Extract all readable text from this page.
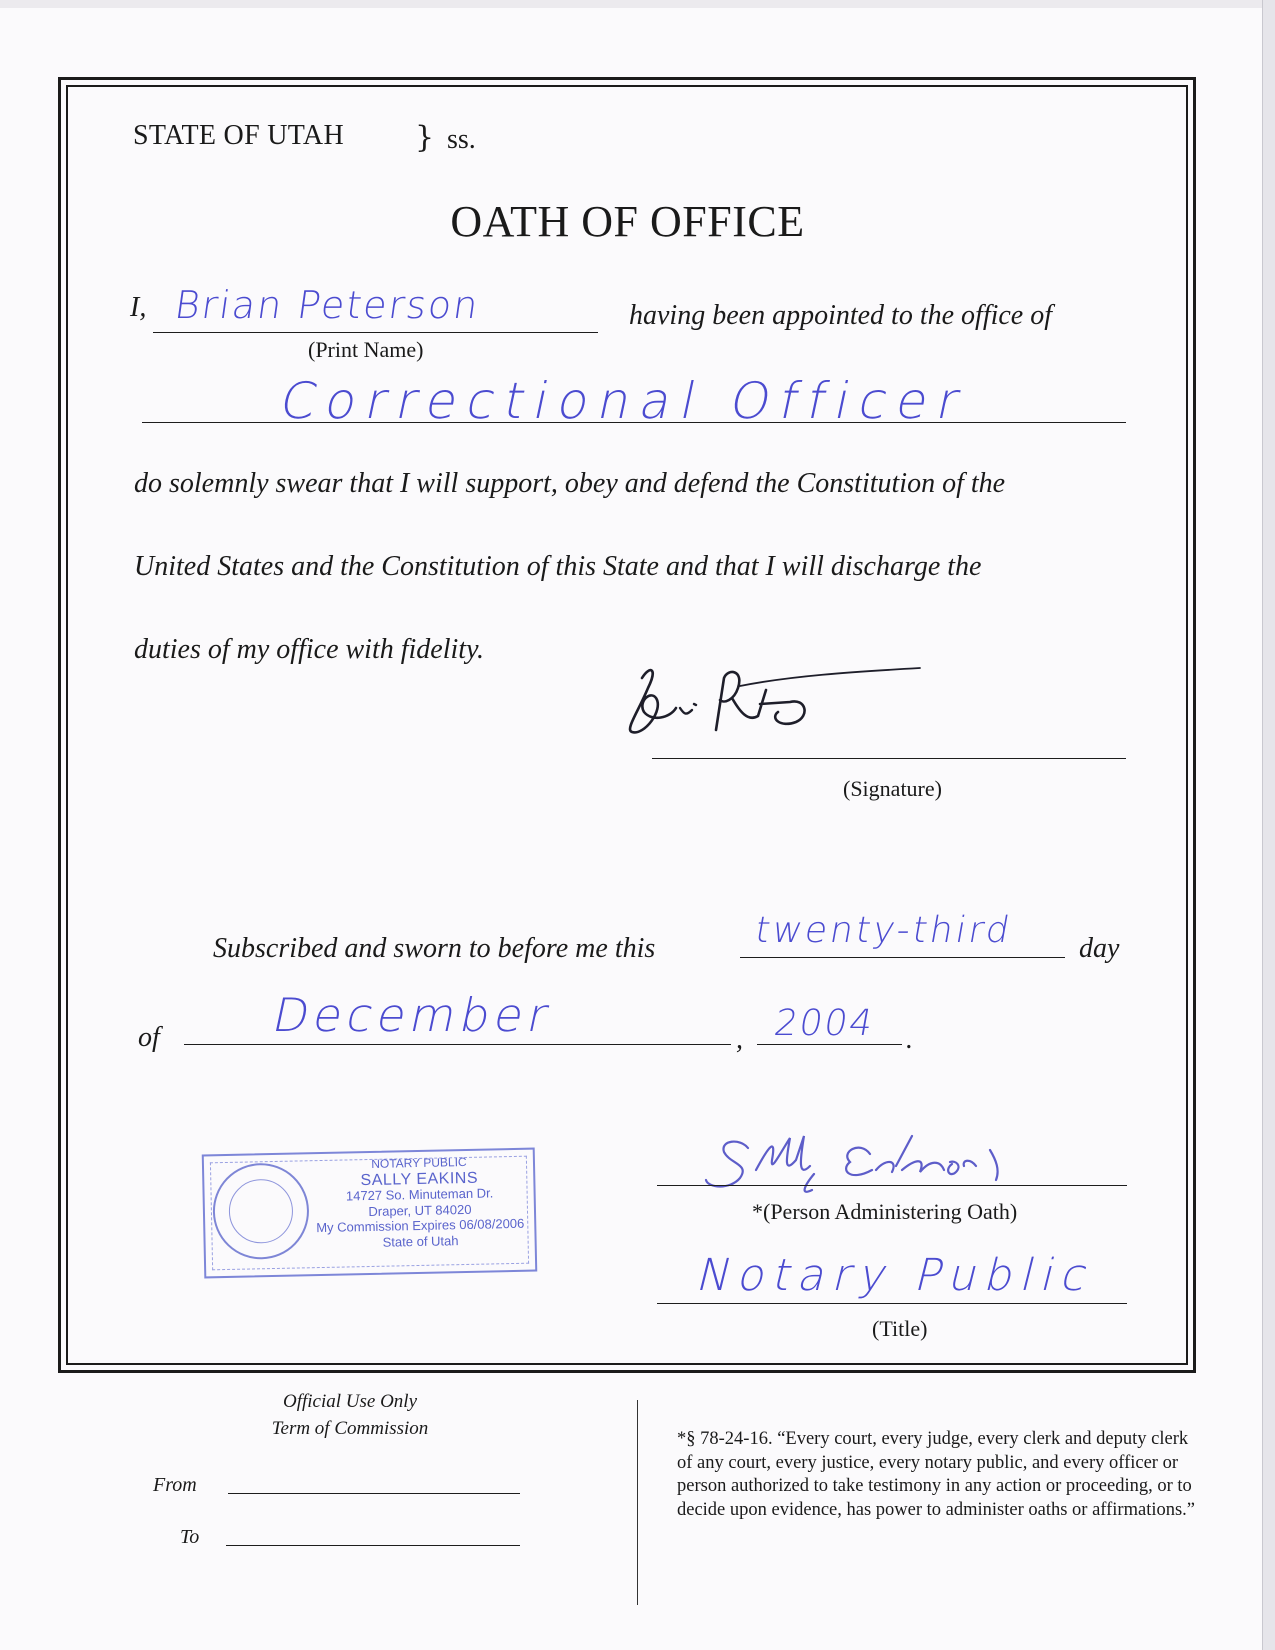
STATE OF UTAH } ss.
OATH OF OFFICE
I, Brian Peterson
(Print Name)
having been appointed to the office of
Correctional Officer
do solemnly swear that I will support, obey and defend the Constitution of the
United States and the Constitution of this State and that I will discharge the
duties of my office with fidelity.
(Signature)
Subscribed and sworn to before me this	twenty-third day
of December	, 2004 .
NOTARY PUBLIC
SALLY EAKINS
14727 So. Minuteman Dr.
Draper, UT 84020
My Commission Expires 06/08/2006
State of Utah
*(Person Administering Oath)
Notary Public
(Title)
Official Use Only
Term of Commission
From
To
*§ 78-24-16. “Every court, every judge, every clerk and deputy clerk of any court, every justice, every notary public, and every officer or person authorized to take testimony in any action or proceeding, or to decide upon evidence, has power to administer oaths or affirmations.”
